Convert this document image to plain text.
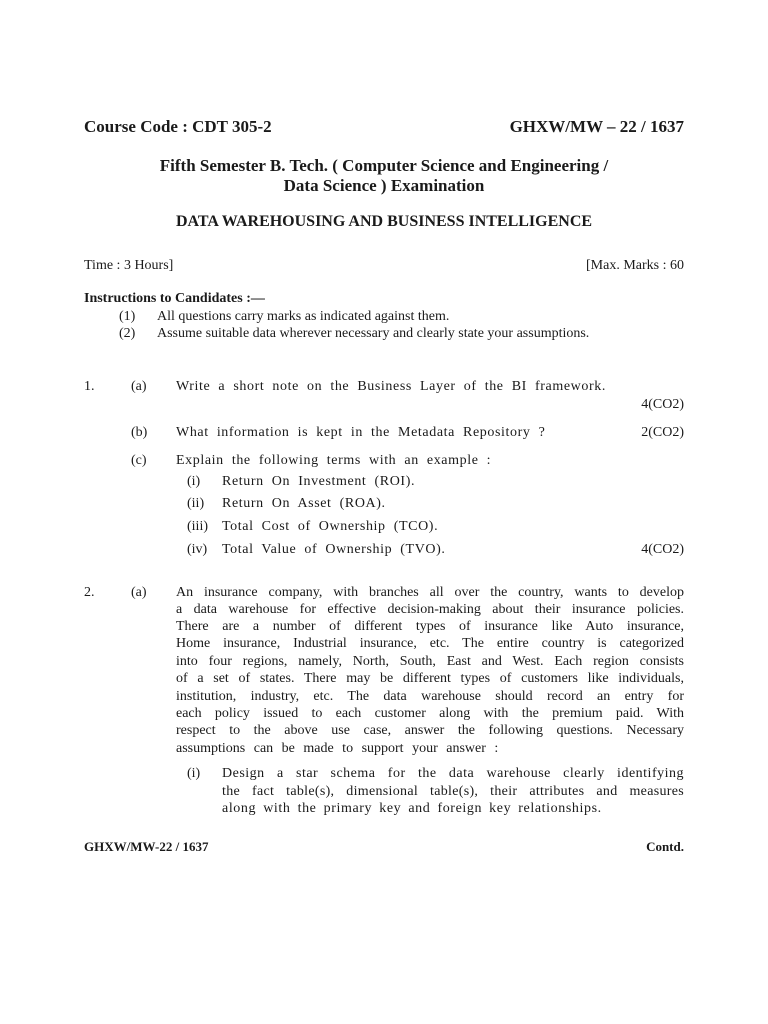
Course Code : CDT 305-2	GHXW/MW – 22 / 1637
Fifth Semester B. Tech. ( Computer Science and Engineering /
Data Science ) Examination
DATA WAREHOUSING AND BUSINESS INTELLIGENCE
Time : 3 Hours]	[Max. Marks : 60
Instructions to Candidates :—
(1) All questions carry marks as indicated against them.
(2) Assume suitable data wherever necessary and clearly state your assumptions.
1.	(a) Write a short note on the Business Layer of the BI framework.
4(CO2)
(b) What information is kept in the Metadata Repository ?	2(CO2)
(c) Explain the following terms with an example :
(i) Return On Investment (ROI).
(ii) Return On Asset (ROA).
(iii) Total Cost of Ownership (TCO).
(iv) Total Value of Ownership (TVO).	4(CO2)
2.	(a) An insurance company, with branches all over the country, wants to develop
a data warehouse for effective decision-making about their insurance policies.
There are a number of different types of insurance like Auto insurance,
Home insurance, Industrial insurance, etc. The entire country is categorized
into four regions, namely, North, South, East and West. Each region consists
of a set of states. There may be different types of customers like individuals,
institution, industry, etc. The data warehouse should record an entry for
each policy issued to each customer along with the premium paid. With
respect to the above use case, answer the following questions. Necessary
assumptions can be made to support your answer :
(i) Design a star schema for the data warehouse clearly identifying
the fact table(s), dimensional table(s), their attributes and measures
along with the primary key and foreign key relationships.
GHXW/MW-22 / 1637	Contd.
